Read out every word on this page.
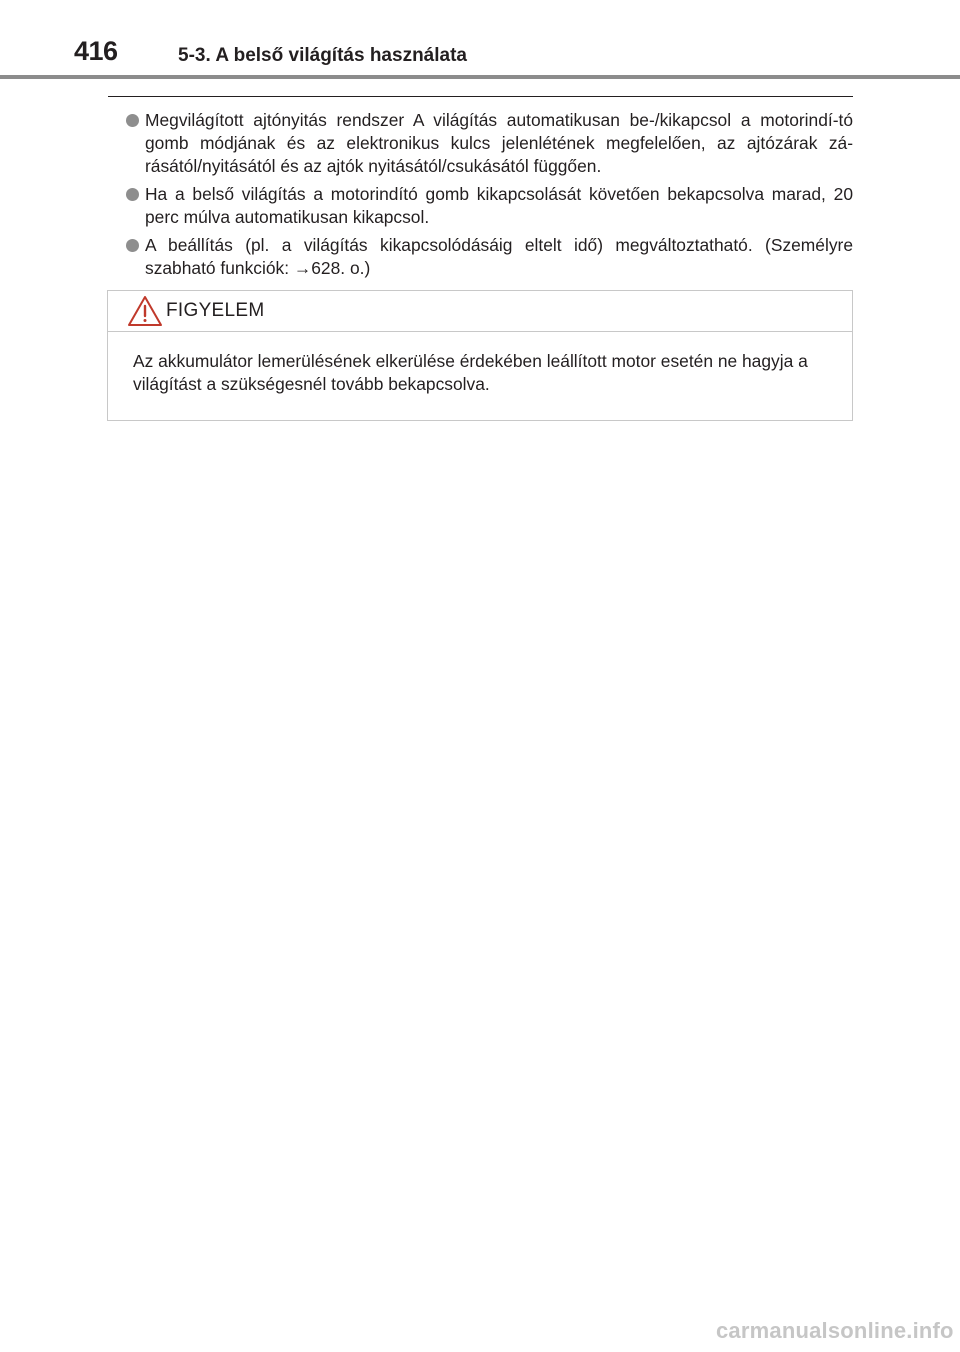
416	5-3. A belső világítás használata
Megvilágított ajtónyitás rendszer A világítás automatikusan be-/kikapcsol a motorindí-tó gomb módjának és az elektronikus kulcs jelenlétének megfelelően, az ajtózárak zá-rásától/nyitásától és az ajtók nyitásától/csukásától függően.
Ha a belső világítás a motorindító gomb kikapcsolását követően bekapcsolva marad, 20 perc múlva automatikusan kikapcsol.
A beállítás (pl. a világítás kikapcsolódásáig eltelt idő) megváltoztatható. (Személyre szabható funkciók: →628. o.)
FIGYELEM
Az akkumulátor lemerülésének elkerülése érdekében leállított motor esetén ne hagyja a világítást a szükségesnél tovább bekapcsolva.
carmanualsonline.info
